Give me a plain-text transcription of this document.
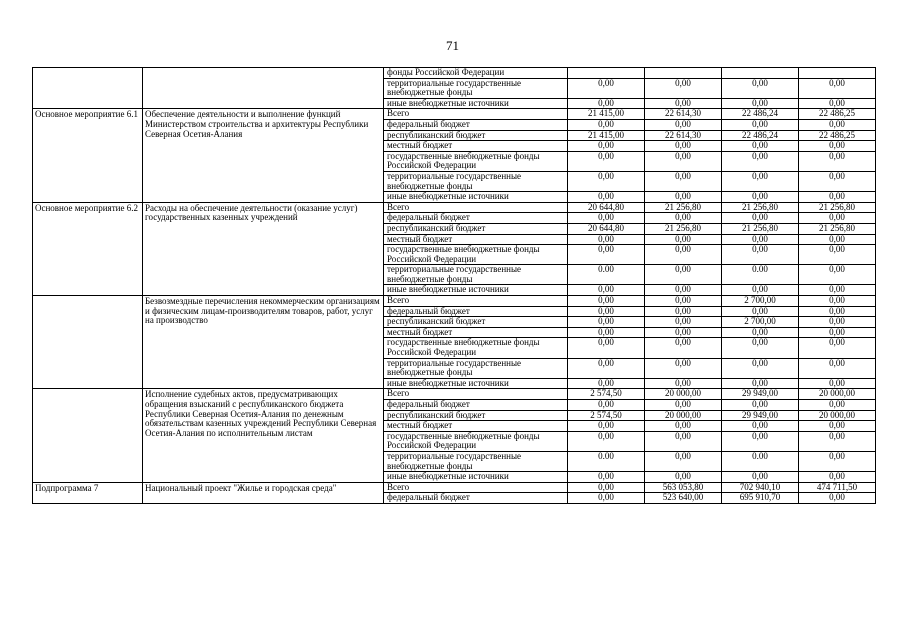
71
		фонды Российской Федерации				
		территориальные государственные внебюджетные фонды	0,00	0,00	0,00	0,00
		иные внебюджетные источники	0,00	0,00	0,00	0,00
Основное мероприятие 6.1	Обеспечение деятельности и выполнение функций Министерством строительства и архитектуры Республики Северная Осетия-Алания	Всего	21 415,00	22 614,30	22 486,24	22 486,25
		федеральный бюджет	0,00	0,00	0,00	0,00
		республиканский бюджет	21 415,00	22 614,30	22 486,24	22 486,25
		местный бюджет	0,00	0,00	0,00	0,00
		государственные внебюджетные фонды Российской Федерации	0,00	0,00	0,00	0,00
		территориальные государственные внебюджетные фонды	0,00	0,00	0,00	0,00
		иные внебюджетные источники	0,00	0,00	0,00	0,00
Основное мероприятие 6.2	Расходы на обеспечение деятельности (оказание услуг) государственных казенных учреждений	Всего	20 644,80	21 256,80	21 256,80	21 256,80
		федеральный бюджет	0,00	0,00	0,00	0,00
		республиканский бюджет	20 644,80	21 256,80	21 256,80	21 256,80
		местный бюджет	0,00	0,00	0,00	0,00
		государственные внебюджетные фонды Российской Федерации	0,00	0,00	0,00	0,00
		территориальные государственные внебюджетные фонды	0.00	0,00	0.00	0,00
		иные внебюджетные источники	0,00	0,00	0,00	0,00
	Безвозмездные перечисления некоммерческим организациям и физическим лицам-производителям товаров, работ, услуг на производство	Всего	0,00	0,00	2 700,00	0,00
		федеральный бюджет	0,00	0,00	0,00	0,00
		республиканский бюджет	0,00	0,00	2 700,00	0,00
		местный бюджет	0,00	0,00	0,00	0,00
		государственные внебюджетные фонды Российской Федерации	0,00	0,00	0,00	0,00
		территориальные государственные внебюджетные фонды	0,00	0,00	0,00	0,00
		иные внебюджетные источники	0,00	0,00	0,00	0,00
	Исполнение судебных актов, предусматривающих обращения взысканий с республиканского бюджета Республики Северная Осетия-Алания по денежным обязательствам казенных учреждений Республики Северная Осетия-Алания по исполнительным листам	Всего	2 574,50	20 000,00	29 949,00	20 000,00
		федеральный бюджет	0,00	0,00	0,00	0,00
		республиканский бюджет	2 574,50	20 000,00	29 949,00	20 000,00
		местный бюджет	0,00	0,00	0,00	0,00
		государственные внебюджетные фонды Российской Федерации	0,00	0,00	0,00	0,00
		территориальные государственные внебюджетные фонды	0.00	0,00	0.00	0,00
		иные внебюджетные источники	0,00	0,00	0,00	0,00
Подпрограмма 7	Национальный проект "Жилье и городская среда"	Всего	0,00	563 053,80	702 940,10	474 711,50
		федеральный бюджет	0,00	523 640,00	695 910,70	0,00
